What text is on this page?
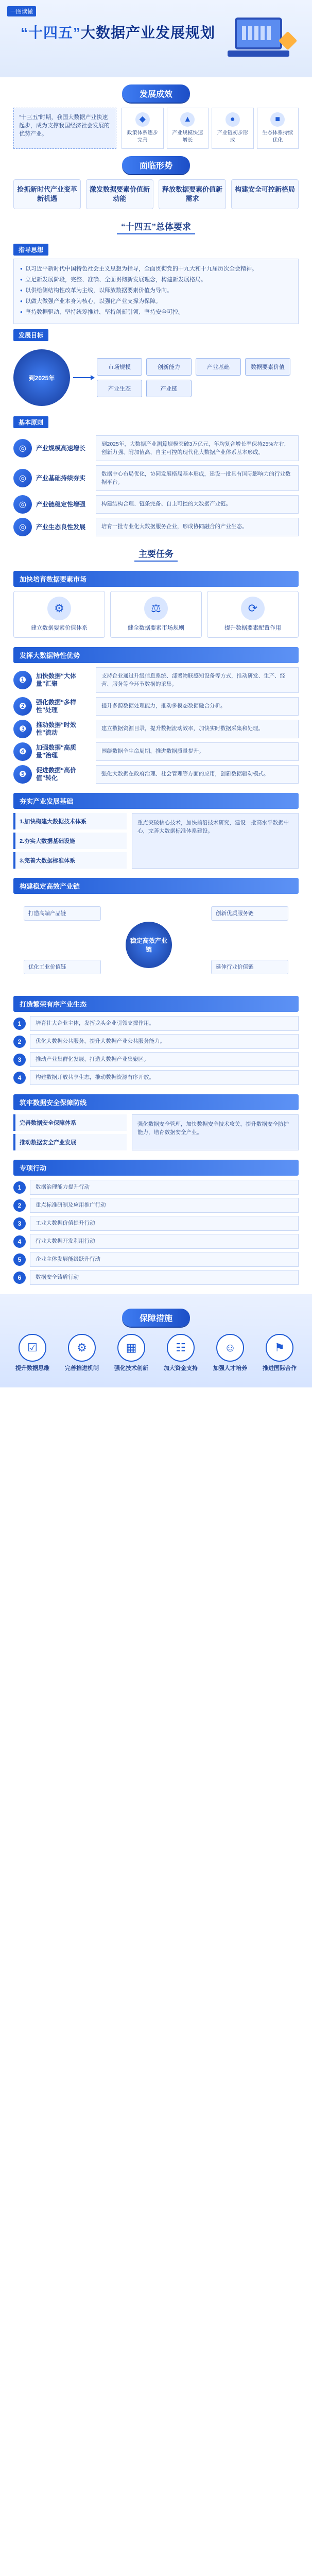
一图读懂
“十四五”大数据产业发展规划
发展成效
“十三五”时期，我国大数据产业快速起步，成为支撑我国经济社会发展的优势产业。
◆
政策体系逐步完善
▲
产业规模快速增长
●
产业链初步形成
■
生态体系持续优化
面临形势
抢抓新时代产业变革新机遇
激发数据要素价值新动能
释放数据要素价值新需求
构建安全可控新格局
“十四五”总体要求
指导思想
● 以习近平新时代中国特色社会主义思想为指导，全面贯彻党的十九大和十九届历次全会精神。
● 立足新发展阶段，完整、准确、全面贯彻新发展理念，构建新发展格局。
● 以供给侧结构性改革为主线，以释放数据要素价值为导向。
● 以做大做强产业本身为核心，以强化产业支撑为保障。
● 坚持数据驱动、坚持统筹推进、坚持创新引领、坚持安全可控。
发展目标
到2025年
市场规模	创新能力	产业基础	数据要素价值
产业生态	产业链
基本原则
◎	产业规模高速增长
到2025年，大数据产业测算规模突破3万亿元，年均复合增长率保持25%左右，创新力强、附加值高、自主可控的现代化大数据产业体系基本形成。
◎	产业基础持续夯实
数据中心布局优化，协同发展格局基本形成，建设一批具有国际影响力的行业数据平台。
◎	产业链稳定性增强	构建结构合理、链条完备、自主可控的大数据产业链。
◎	产业生态良性发展	培育一批专业化大数据服务企业，形成协同融合的产业生态。
主要任务
加快培育数据要素市场
⚙
建立数据要素价值体系
⚖
健全数据要素市场规则
⟳
提升数据要素配置作用
发挥大数据特性优势
❶	加快数据“大体量”汇聚
支持企业通过升级信息系统、部署物联感知设备等方式，推动研发、生产、经营、服务等全环节数据的采集。
❷	强化数据“多样性”处理
提升多源数据处理能力，推动多模态数据融合分析。
❸	推动数据“时效性”流动
建立数据资源目录，提升数据流动效率，加快实时数据采集和处理。
❹	加强数据“高质量”治理
围绕数据全生命周期，推进数据质量提升。
❺	促进数据“高价值”转化
强化大数据在政府治理、社会管理等方面的应用，创新数据驱动模式。
夯实产业发展基础
1.加快构建大数据技术体系
2.夯实大数据基础设施
3.完善大数据标准体系
重点突破核心技术，加快前沿技术研究，建设一批高水平数据中心，完善大数据标准体系建设。
构建稳定高效产业链
稳定高效产业链
打造高端产品链	创新优质服务链
优化工业价值链	延伸行业价值链
打造繁荣有序产业生态
1	培育壮大企业主体，发挥龙头企业引领支撑作用。
2	优化大数据公共服务，提升大数据产业公共服务能力。
3	推动产业集群化发展，打造大数据产业集聚区。
4	构建数据开放共享生态，推动数据资源有序开放。
筑牢数据安全保障防线
完善数据安全保障体系
推动数据安全产业发展
强化数据安全管理，加快数据安全技术攻关，提升数据安全防护能力，培育数据安全产业。
专项行动
1	数据治理能力提升行动
2	重点标准研制及应用推广行动
3	工业大数据价值提升行动
4	行业大数据开发利用行动
5	企业主体发展能级跃升行动
6	数据安全铸盾行动
保障措施
☑
提升数据思维
⚙
完善推进机制
▦
强化技术创新
☷
加大资金支持
☺
加强人才培养
⚑
推进国际合作
